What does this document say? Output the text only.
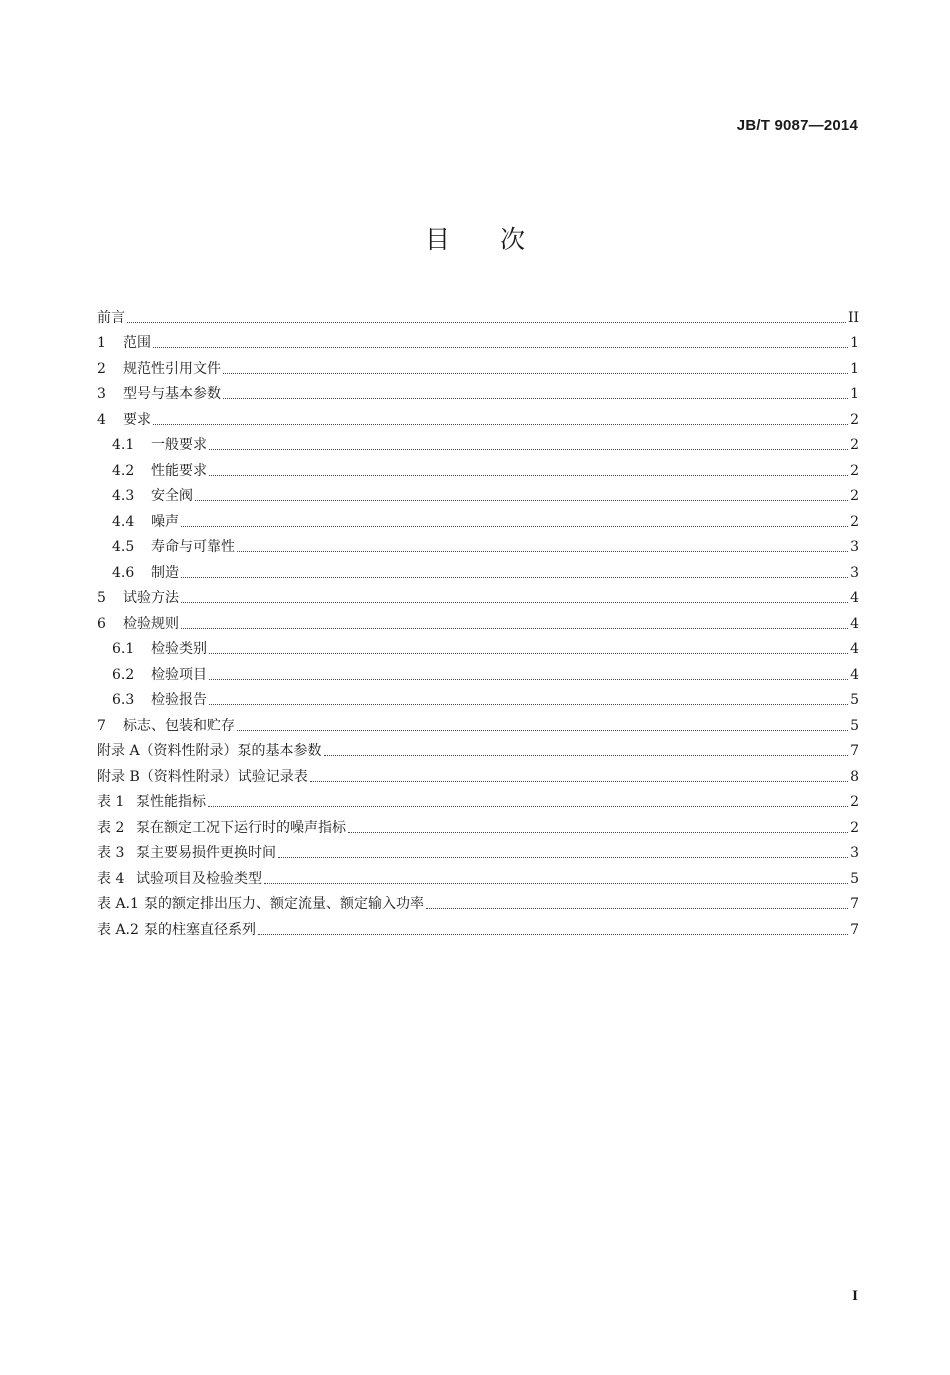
JB/T 9087—2014
目 次
前言	II
1	范围	1
2	规范性引用文件	1
3	型号与基本参数	1
4	要求	2
4.1	一般要求	2
4.2	性能要求	2
4.3	安全阀	2
4.4	噪声	2
4.5	寿命与可靠性	3
4.6	制造	3
5	试验方法	4
6	检验规则	4
6.1	检验类别	4
6.2	检验项目	4
6.3	检验报告	5
7	标志、包装和贮存	5
附录 A（资料性附录）泵的基本参数	7
附录 B（资料性附录）试验记录表	8
表 1 泵性能指标	2
表 2 泵在额定工况下运行时的噪声指标	2
表 3 泵主要易损件更换时间	3
表 4 试验项目及检验类型	5
表 A.1 泵的额定排出压力、额定流量、额定输入功率	7
表 A.2 泵的柱塞直径系列	7
I
